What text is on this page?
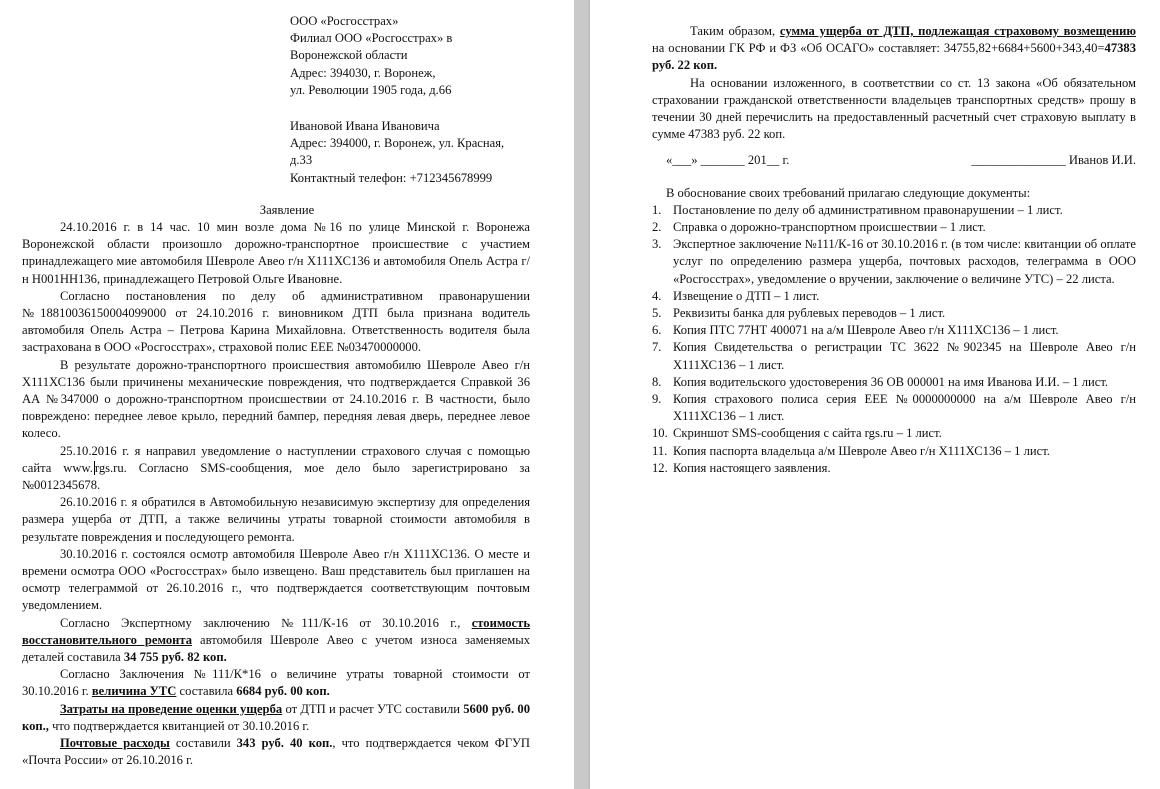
ООО «Росгосстрах»
Филиал ООО «Росгосстрах» в
Воронежской области
Адрес: 394030, г. Воронеж,
ул. Революции 1905 года, д.66
Ивановой Ивана Ивановича
Адрес: 394000, г. Воронеж, ул. Красная,
д.33
Контактный телефон: +712345678999
Заявление

24.10.2016 г. в 14 час. 10 мин возле дома №16 по улице Минской г. Воронежа Воронежской области произошло дорожно-транспортное происшествие с участием принадлежащего мие автомобиля Шевроле Авео г/н Х111ХС136 и автомобиля Опель Астра г/н Н001НН136, принадлежащего Петровой Ольге Ивановне.

Согласно постановления по делу об административном правонарушении №18810036150004099000 от 24.10.2016 г. виновником ДТП была признана водитель автомобиля Опель Астра – Петрова Карина Михайловна. Ответственность водителя была застрахована в ООО «Росгосстрах», страховой полис ЕЕЕ №03470000000.

В результате дорожно-транспортного происшествия автомобилю Шевроле Авео г/н Х111ХС136 были причинены механические повреждения, что подтверждается Справкой 36 АА №347000 о дорожно-транспортном происшествии от 24.10.2016 г. В частности, было повреждено: переднее левое крыло, передний бампер, передняя левая дверь, переднее левое колесо.

25.10.2016 г. я направил уведомление о наступлении страхового случая с помощью сайта www. rgs.ru. Согласно SMS-сообщения, мое дело было зарегистрировано за №0012345678.

26.10.2016 г. я обратился в Автомобильную независимую экспертизу для определения размера ущерба от ДТП, а также величины утраты товарной стоимости автомобиля в результате повреждения и последующего ремонта.

30.10.2016 г. состоялся осмотр автомобиля Шевроле Авео г/н Х111ХС136. О месте и времени осмотра ООО «Росгосстрах» было извещено. Ваш представитель был приглашен на осмотр телеграммой от 26.10.2016 г., что подтверждается соответствующим почтовым уведомлением.

Согласно Экспертному заключению №111/К-16 от 30.10.2016 г., стоимость восстановительного ремонта автомобиля Шевроле Авео с учетом износа заменяемых деталей составила 34 755 руб. 82 коп.

Согласно Заключения №111/К*16 о величине утраты товарной стоимости от 30.10.2016 г. величина УТС составила 6684 руб. 00 коп.

Затраты на проведение оценки ущерба от ДТП и расчет УТС составили 5600 руб. 00 коп., что подтверждается квитанцией от 30.10.2016 г.

Почтовые расходы составили 343 руб. 40 коп., что подтверждается чеком ФГУП «Почта России» от 26.10.2016 г.

Таким образом, сумма ущерба от ДТП, подлежащая страховому возмещению на основании ГК РФ и ФЗ «Об ОСАГО» составляет: 34755,82+6684+5600+343,40=47383 руб. 22 коп.

На основании изложенного, в соответствии со ст. 13 закона «Об обязательном страховании гражданской ответственности владельцев транспортных средств» прошу в течении 30 дней перечислить на предоставленный расчетный счет страховую выплату в сумме 47383 руб. 22 коп.

«___» _______ 201__ г.	_______________ Иванов И.И.
В обоснование своих требований прилагаю следующие документы:
1. Постановление по делу об административном правонарушении – 1 лист.
2. Справка о дорожно-транспортном происшествии – 1 лист.
3. Экспертное заключение №111/К-16 от 30.10.2016 г. (в том числе: квитанции об оплате услуг по определению размера ущерба, почтовых расходов, телеграмма в ООО «Росгосстрах», уведомление о вручении, заключение о величине УТС) – 22 листа.
4. Извещение о ДТП – 1 лист.
5. Реквизиты банка для рублевых переводов – 1 лист.
6. Копия ПТС 77НТ 400071 на а/м Шевроле Авео г/н Х111ХС136 – 1 лист.
7. Копия Свидетельства о регистрации ТС 3622 №902345 на Шевроле Авео г/н Х111ХС136 – 1 лист.
8. Копия водительского удостоверения 36 ОВ 000001 на имя Иванова И.И. – 1 лист.
9. Копия страхового полиса серия ЕЕЕ №0000000000 на а/м Шевроле Авео г/н Х111ХС136 – 1 лист.
10. Скриншот SMS-сообщения с сайта rgs.ru – 1 лист.
11. Копия паспорта владельца а/м Шевроле Авео г/н Х111ХС136 – 1 лист.
12. Копия настоящего заявления.
